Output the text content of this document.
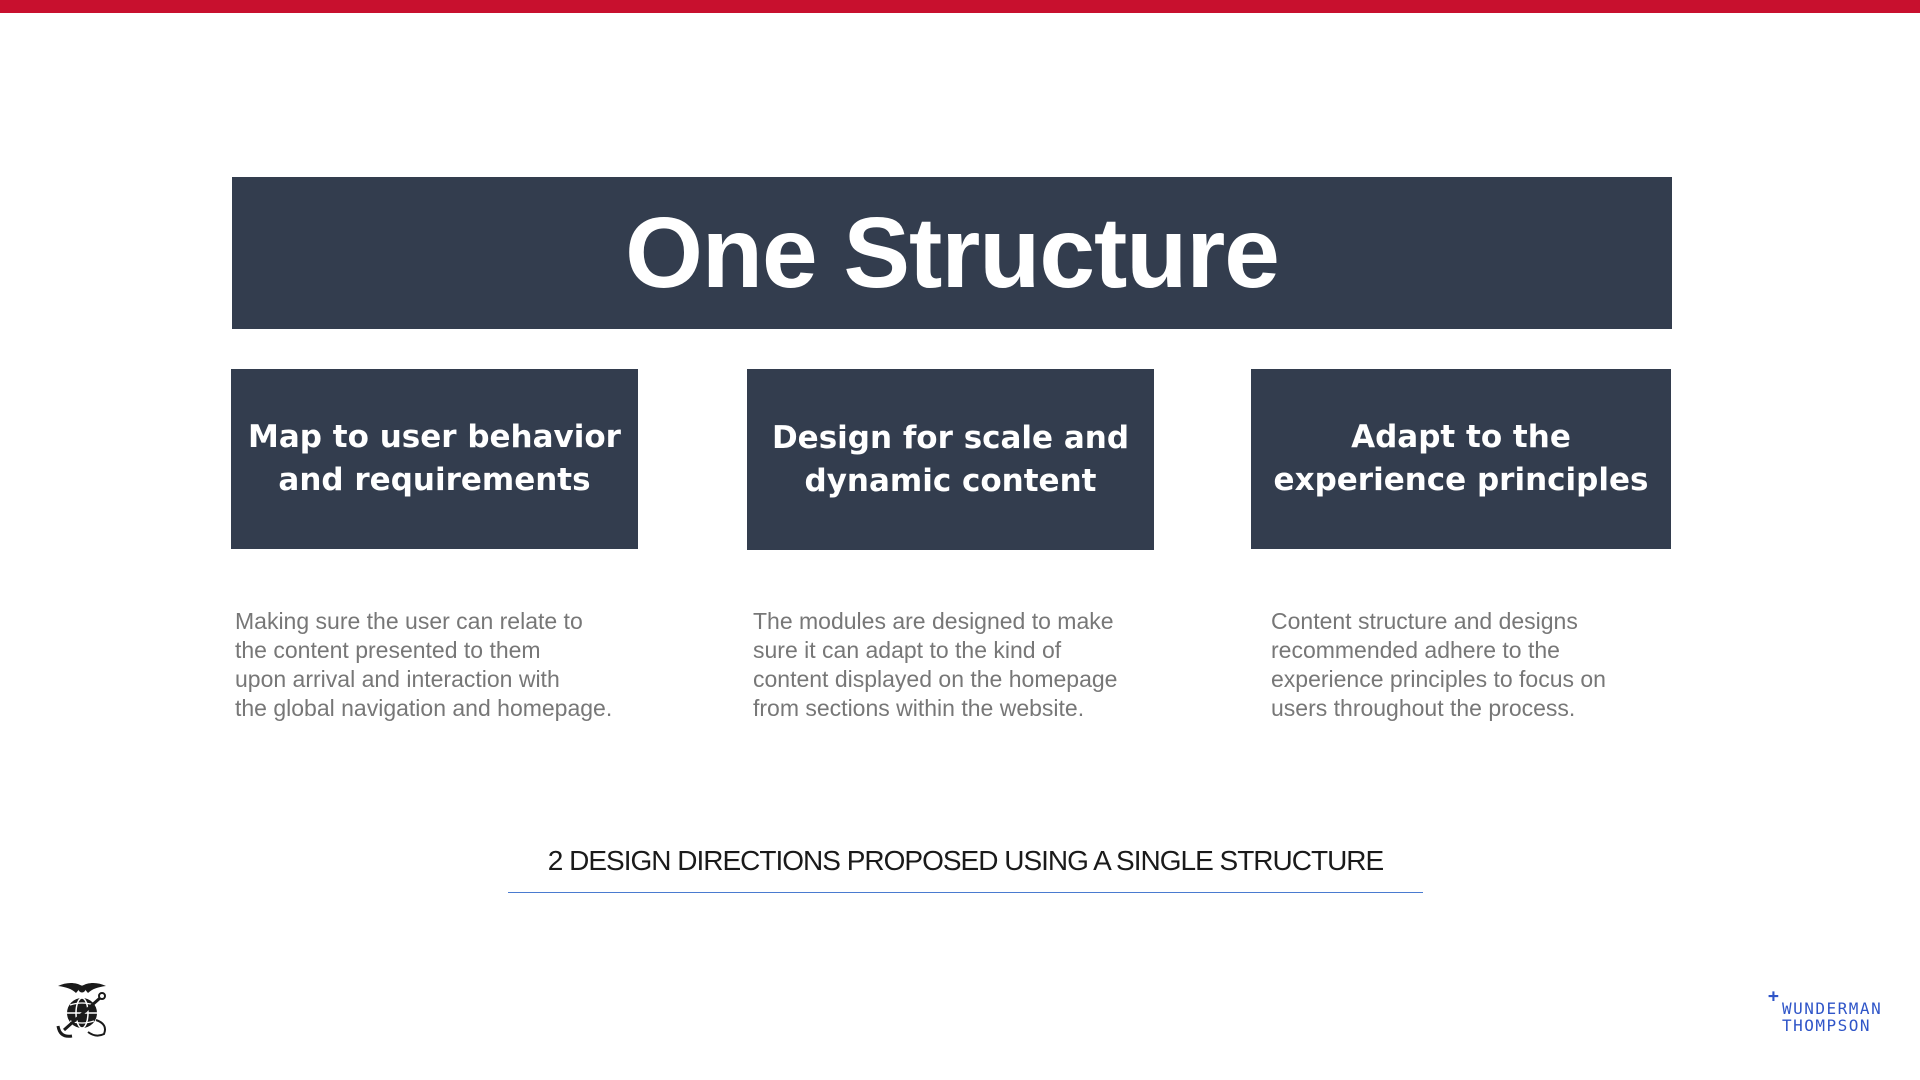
One Structure
Map to user behavior
and requirements
Design for scale and
dynamic content
Adapt to the
experience principles
Making sure the user can relate to
the content presented to them
upon arrival and interaction with
the global navigation and homepage.
The modules are designed to make
sure it can adapt to the kind of
content displayed on the homepage
from sections within the website.
Content structure and designs
recommended adhere to the
experience principles to focus on
users throughout the process.
2 DESIGN DIRECTIONS PROPOSED USING A SINGLE STRUCTURE
+
WUNDERMAN
THOMPSON
